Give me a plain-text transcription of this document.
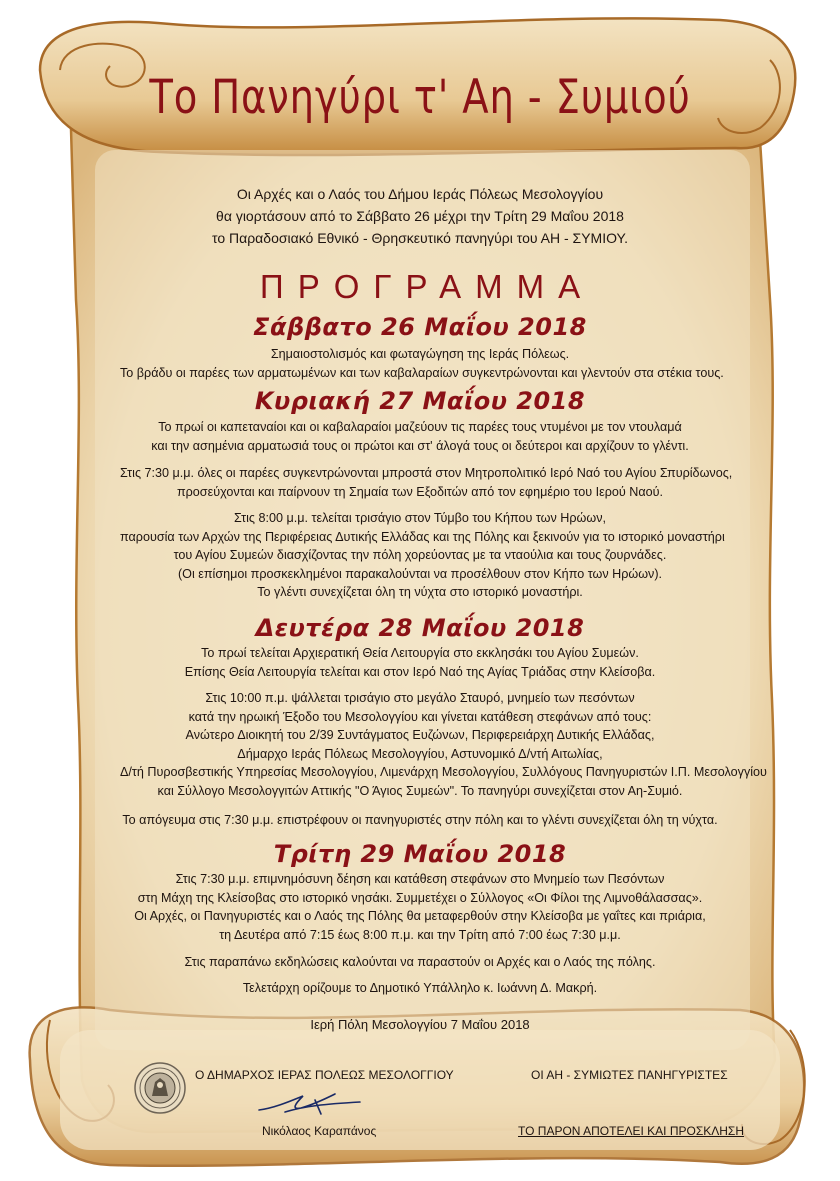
Το Πανηγύρι τ' Αη - Συμιού
Οι Αρχές και ο Λαός του Δήμου Ιεράς Πόλεως Μεσολογγίου
θα γιορτάσουν από το Σάββατο 26 μέχρι την Τρίτη 29 Μαΐου 2018
το Παραδοσιακό Εθνικό - Θρησκευτικό πανηγύρι του ΑΗ - ΣΥΜΙΟΥ.
ΠΡΟΓΡΑΜΜΑ
Σάββατο 26 Μαΐου 2018
Σημαιοστολισμός και φωταγώγηση της Ιεράς Πόλεως.
Το βράδυ οι παρέες των αρματωμένων και των καβαλαραίων συγκεντρώνονται και γλεντούν στα στέκια τους.
Κυριακή 27 Μαΐου 2018
Το πρωί οι καπεταναίοι και οι καβαλαραίοι μαζεύουν τις παρέες τους ντυμένοι με τον ντουλαμά
και την ασημένια αρματωσιά τους οι πρώτοι και στ' άλογά τους οι δεύτεροι και αρχίζουν το γλέντι.
Στις 7:30 μ.μ. όλες οι παρέες συγκεντρώνονται μπροστά στον Μητροπολιτικό Ιερό Ναό του Αγίου Σπυρίδωνος,
προσεύχονται και παίρνουν τη Σημαία των Εξοδιτών από τον εφημέριο του Ιερού Ναού.
Στις 8:00 μ.μ. τελείται τρισάγιο στον Τύμβο του Κήπου των Ηρώων,
παρουσία των Αρχών της Περιφέρειας Δυτικής Ελλάδας και της Πόλης και ξεκινούν για το ιστορικό μοναστήρι
του Αγίου Συμεών διασχίζοντας την πόλη χορεύοντας με τα νταούλια και τους ζουρνάδες.
(Οι επίσημοι προσκεκλημένοι παρακαλούνται να προσέλθουν στον Κήπο των Ηρώων).
Το γλέντι συνεχίζεται όλη τη νύχτα στο ιστορικό μοναστήρι.
Δευτέρα 28 Μαΐου 2018
Το πρωί τελείται Αρχιερατική Θεία Λειτουργία στο εκκλησάκι του Αγίου Συμεών.
Επίσης Θεία Λειτουργία τελείται και στον Ιερό Ναό της Αγίας Τριάδας στην Κλείσοβα.
Στις 10:00 π.μ. ψάλλεται τρισάγιο στο μεγάλο Σταυρό, μνημείο των πεσόντων
κατά την ηρωική Έξοδο του Μεσολογγίου και γίνεται κατάθεση στεφάνων από τους:
Ανώτερο Διοικητή του 2/39 Συντάγματος Ευζώνων, Περιφερειάρχη Δυτικής Ελλάδας,
Δήμαρχο Ιεράς Πόλεως Μεσολογγίου, Αστυνομικό Δ/ντή Αιτωλίας,
Δ/τή Πυροσβεστικής Υπηρεσίας Μεσολογγίου, Λιμενάρχη Μεσολογγίου, Συλλόγους Πανηγυριστών Ι.Π. Μεσολογγίου
και Σύλλογο Μεσολογγιτών Αττικής "Ο Άγιος Συμεών". Το πανηγύρι συνεχίζεται στον Αη-Συμιό.
Το απόγευμα στις 7:30 μ.μ. επιστρέφουν οι πανηγυριστές στην πόλη και το γλέντι συνεχίζεται όλη τη νύχτα.
Τρίτη 29 Μαΐου 2018
Στις 7:30 μ.μ. επιμνημόσυνη δέηση και κατάθεση στεφάνων στο Μνημείο των Πεσόντων
στη Μάχη της Κλείσοβας στο ιστορικό νησάκι. Συμμετέχει ο Σύλλογος «Οι Φίλοι της Λιμνοθάλασσας».
Οι Αρχές, οι Πανηγυριστές και ο Λαός της Πόλης θα μεταφερθούν στην Κλείσοβα με γαΐτες και πριάρια,
τη Δευτέρα από 7:15 έως 8:00 π.μ. και την Τρίτη από 7:00 έως 7:30 μ.μ.
Στις παραπάνω εκδηλώσεις καλούνται να παραστούν οι Αρχές και ο Λαός της πόλης.
Τελετάρχη ορίζουμε το Δημοτικό Υπάλληλο κ. Ιωάννη Δ. Μακρή.
Ιερή Πόλη Μεσολογγίου 7 Μαΐου 2018
Ο ΔΗΜΑΡΧΟΣ ΙΕΡΑΣ ΠΟΛΕΩΣ ΜΕΣΟΛΟΓΓΙΟΥ
Νικόλαος Καραπάνος
ΟΙ ΑΗ - ΣΥΜΙΩΤΕΣ ΠΑΝΗΓΥΡΙΣΤΕΣ
ΤΟ ΠΑΡΟΝ ΑΠΟΤΕΛΕΙ ΚΑΙ ΠΡΟΣΚΛΗΣΗ
